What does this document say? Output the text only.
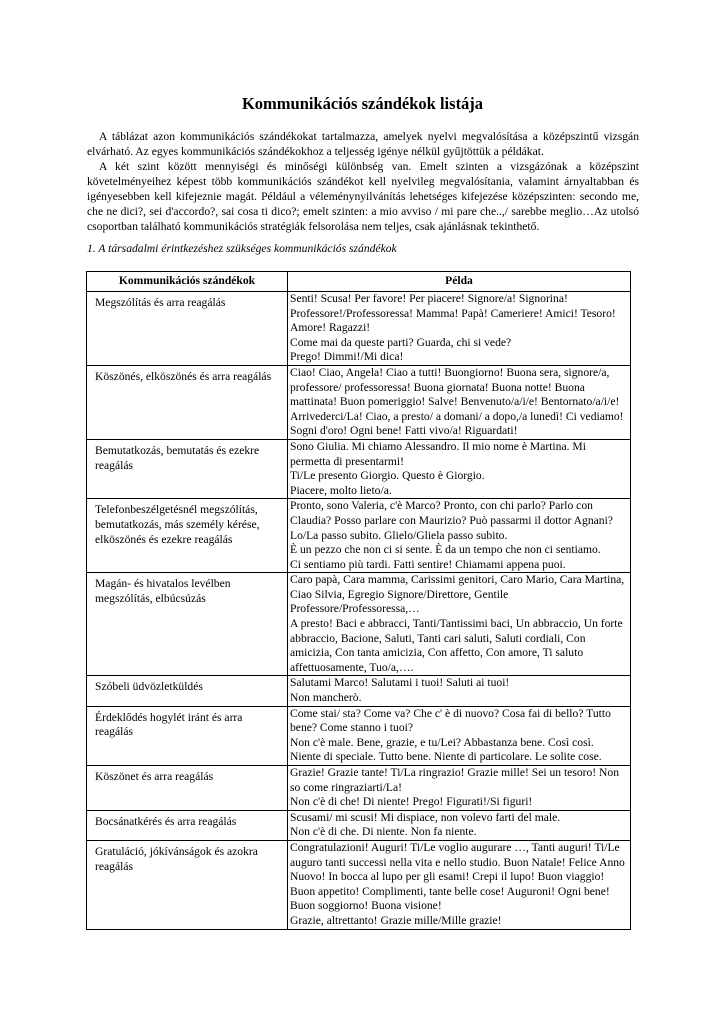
Kommunikációs szándékok listája

A táblázat azon kommunikációs szándékokat tartalmazza, amelyek nyelvi megvalósítása a középszintű vizsgán elvárható. Az egyes kommunikációs szándékokhoz a teljesség igénye nélkül gyűjtöttük a példákat.

A két szint között mennyiségi és minőségi különbség van. Emelt szinten a vizsgázónak a középszint követelményeihez képest több kommunikációs szándékot kell nyelvileg megvalósítania, valamint árnyaltabban és igényesebben kell kifejeznie magát. Például a véleménynyilvánítás lehetséges kifejezése középszinten: secondo me, che ne dici?, sei d'accordo?, sai cosa ti dico?; emelt szinten: a mio avviso / mi pare che..,/ sarebbe meglio…Az utolsó csoportban található kommunikációs stratégiák felsorolása nem teljes, csak ajánlásnak tekinthető.

1. A társadalmi érintkezéshez szükséges kommunikációs szándékok

Kommunikációs szándékok	Példa
Megszólítás és arra reagálás	Senti! Scusa! Per favore! Per piacere! Signore/a! Signorina! Professore!/Professoressa! Mamma! Papà! Cameriere! Amici! Tesoro! Amore! Ragazzi!
Come mai da queste parti? Guarda, chi si vede?
Prego! Dimmi!/Mi dica!

Köszönés, elköszönés és arra reagálás	Ciao! Ciao, Angela! Ciao a tutti! Buongiorno! Buona sera, signore/a, professore/ professoressa! Buona giornata! Buona notte! Buona mattinata! Buon pomeriggio! Salve! Benvenuto/a/i/e! Bentornato/a/i/e!
Arrivederci/La! Ciao, a presto/ a domani/ a dopo,/a lunedì! Ci vediamo! Sogni d'oro! Ogni bene! Fatti vivo/a! Riguardati!

Bemutatkozás, bemutatás és ezekre reagálás	Sono Giulia. Mi chiamo Alessandro. Il mio nome è Martina. Mi permetta di presentarmi!
Ti/Le presento Giorgio. Questo è Giorgio.
Piacere, molto lieto/a.

Telefonbeszélgetésnél megszólítás, bemutatkozás, más személy kérése, elköszönés és ezekre reagálás	Pronto, sono Valeria, c'è Marco? Pronto, con chi parlo? Parlo con Claudia? Posso parlare con Maurizio? Può passarmi il dottor Agnani? Lo/La passo subito. Glielo/Gliela passo subito.
È un pezzo che non ci si sente. È da un tempo che non ci sentiamo.
Ci sentiamo più tardi. Fatti sentire! Chiamami appena puoi.

Magán- és hivatalos levélben megszólítás, elbúcsúzás	Caro papà, Cara mamma, Carissimi genitori, Caro Mario, Cara Martina, Ciao Silvia, Egregio Signore/Direttore, Gentile Professore/Professoressa,…
A presto! Baci e abbracci, Tanti/Tantissimi baci, Un abbraccio, Un forte abbraccio, Bacione, Saluti, Tanti cari saluti, Saluti cordiali, Con amicizia, Con tanta amicizia, Con affetto, Con amore, Ti saluto affettuosamente, Tuo/a,….

Szóbeli üdvözletküldés	Salutami Marco! Salutami i tuoi! Saluti ai tuoi!
Non mancherò.

Érdeklődés hogylét iránt és arra reagálás	Come stai/ sta? Come va? Che c' è di nuovo? Cosa fai di bello? Tutto bene? Come stanno i tuoi?
Non c'è male. Bene, grazie, e tu/Lei? Abbastanza bene. Così così. Niente di speciale. Tutto bene. Niente di particolare. Le solite cose.

Köszönet és arra reagálás	Grazie! Grazie tante! Ti/La ringrazio! Grazie mille! Sei un tesoro! Non so come ringraziarti/La!
Non c'è di che! Di niente! Prego! Figurati!/Si figuri!

Bocsánatkérés és arra reagálás	Scusami/ mi scusi! Mi dispiace, non volevo farti del male.
Non c'è di che. Di niente. Non fa niente.

Gratuláció, jókívánságok és azokra reagálás	Congratulazioni! Auguri! Ti/Le voglio augurare …, Tanti auguri! Ti/Le auguro tanti successi nella vita e nello studio. Buon Natale! Felice Anno Nuovo! In bocca al lupo per gli esami! Crepi il lupo! Buon viaggio! Buon appetito! Complimenti, tante belle cose! Auguroni! Ogni bene! Buon soggiorno! Buona visione!
Grazie, altrettanto! Grazie mille/Mille grazie!
